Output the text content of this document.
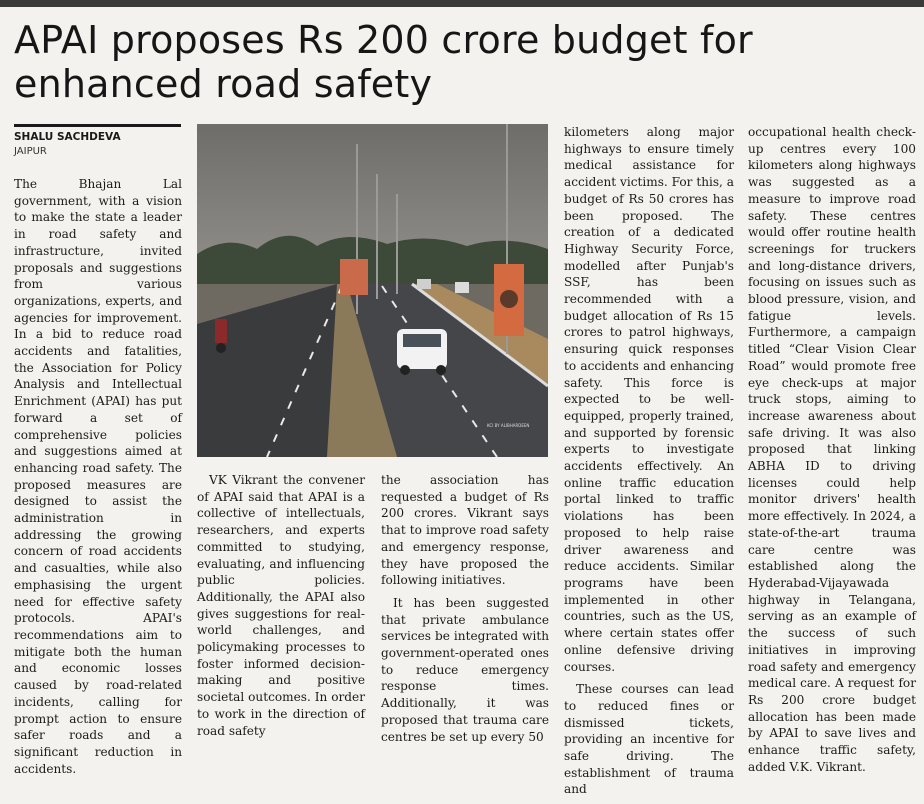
APAI proposes Rs 200 crore budget for enhanced road safety

SHALU SACHDEVA

JAIPUR

The Bhajan Lal government, with a vision to make the state a leader in road safety and infrastructure, invited proposals and suggestions from various organizations, experts, and agencies for improvement. In a bid to reduce road accidents and fatalities, the Association for Policy Analysis and Intellectual Enrichment (APAI) has put forward a set of comprehensive policies and suggestions aimed at enhancing road safety. The proposed measures are designed to assist the administration in addressing the growing concern of road accidents and casualties, while also emphasising the urgent need for effective safety protocols. APAI's recommendations aim to mitigate both the human and economic losses caused by road-related incidents, calling for prompt action to ensure safer roads and a significant reduction in accidents.

KCI BY ALIBHARDEEN

VK Vikrant the convener of APAI said that APAI is a collective of intellectuals, researchers, and experts committed to studying, evaluating, and influencing public policies. Additionally, the APAI also gives suggestions for real-world challenges, and policymaking processes to foster informed decision-making and positive societal outcomes. In order to work in the direction of road safety

the association has requested a budget of Rs 200 crores. Vikrant says that to improve road safety and emergency response, they have proposed the following initiatives.

It has been suggested that private ambulance services be integrated with government-operated ones to reduce emergency response times. Additionally, it was proposed that trauma care centres be set up every 50

kilometers along major highways to ensure timely medical assistance for accident victims. For this, a budget of Rs 50 crores has been proposed. The creation of a dedicated Highway Security Force, modelled after Punjab's SSF, has been recommended with a budget allocation of Rs 15 crores to patrol highways, ensuring quick responses to accidents and enhancing safety. This force is expected to be well-equipped, properly trained, and supported by forensic experts to investigate accidents effectively. An online traffic education portal linked to traffic violations has been proposed to help raise driver awareness and reduce accidents. Similar programs have been implemented in other countries, such as the US, where certain states offer online defensive driving courses.

These courses can lead to reduced fines or dismissed tickets, providing an incentive for safe driving. The establishment of trauma and

occupational health check-up centres every 100 kilometers along highways was suggested as a measure to improve road safety. These centres would offer routine health screenings for truckers and long-distance drivers, focusing on issues such as blood pressure, vision, and fatigue levels. Furthermore, a campaign titled “Clear Vision Clear Road” would promote free eye check-ups at major truck stops, aiming to increase awareness about safe driving. It was also proposed that linking ABHA ID to driving licenses could help monitor drivers' health more effectively. In 2024, a state-of-the-art trauma care centre was established along the Hyderabad-Vijayawada highway in Telangana, serving as an example of the success of such initiatives in improving road safety and emergency medical care. A request for Rs 200 crore budget allocation has been made by APAI to save lives and enhance traffic safety, added V.K. Vikrant.
